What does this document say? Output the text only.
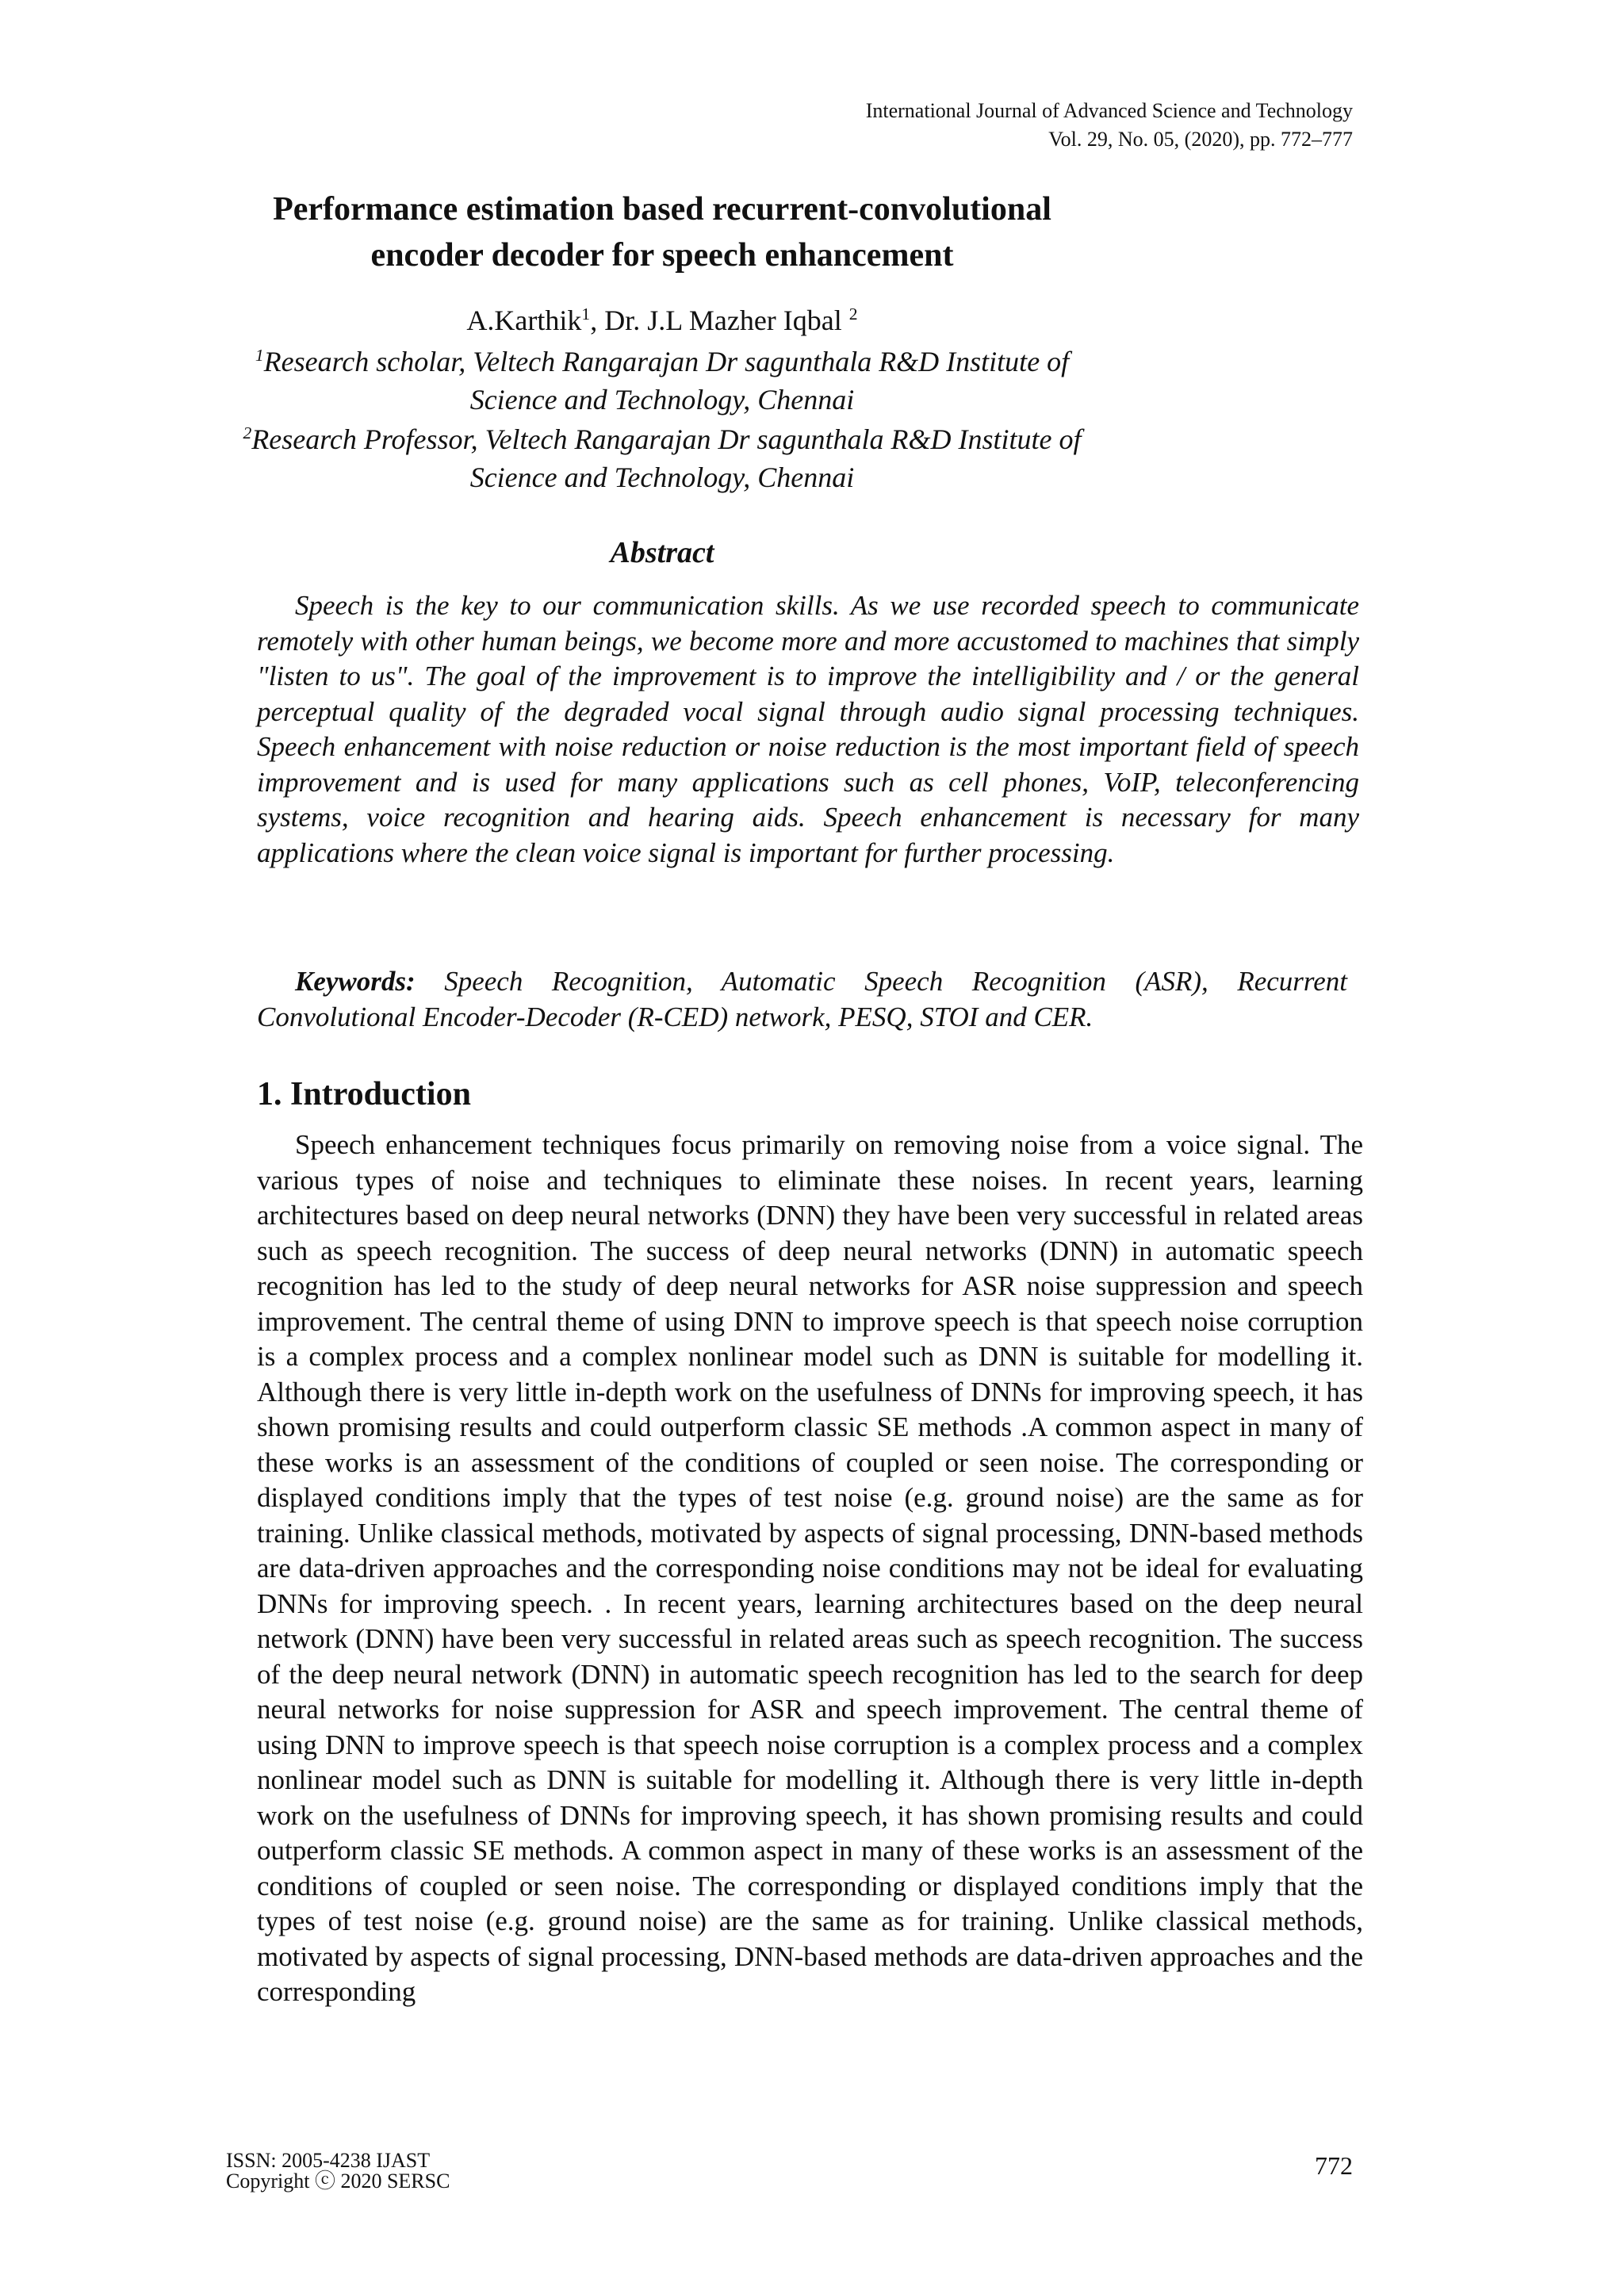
International Journal of Advanced Science and Technology
Vol. 29, No. 05, (2020), pp. 772–777
Performance estimation based recurrent-convolutional encoder decoder for speech enhancement
A.Karthik$^1$, Dr. J.L Mazher Iqbal $^2$
$^1$Research scholar, Veltech Rangarajan Dr sagunthala R&D Institute of Science and Technology, Chennai
$^2$Research Professor, Veltech Rangarajan Dr sagunthala R&D Institute of Science and Technology, Chennai
Abstract

Speech is the key to our communication skills. As we use recorded speech to communicate remotely with other human beings, we become more and more accustomed to machines that simply "listen to us". The goal of the improvement is to improve the intelligibility and / or the general perceptual quality of the degraded vocal signal through audio signal processing techniques. Speech enhancement with noise reduction or noise reduction is the most important field of speech improvement and is used for many applications such as cell phones, VoIP, teleconferencing systems, voice recognition and hearing aids. Speech enhancement is necessary for many applications where the clean voice signal is important for further processing.

Keywords: Speech Recognition, Automatic Speech Recognition (ASR), Recurrent Convolutional Encoder-Decoder (R-CED) network, PESQ, STOI and CER.

1. Introduction

Speech enhancement techniques focus primarily on removing noise from a voice signal. The various types of noise and techniques to eliminate these noises. In recent years, learning architectures based on deep neural networks (DNN) they have been very successful in related areas such as speech recognition. The success of deep neural networks (DNN) in automatic speech recognition has led to the study of deep neural networks for ASR noise suppression and speech improvement. The central theme of using DNN to improve speech is that speech noise corruption is a complex process and a complex nonlinear model such as DNN is suitable for modelling it. Although there is very little in-depth work on the usefulness of DNNs for improving speech, it has shown promising results and could outperform classic SE methods .A common aspect in many of these works is an assessment of the conditions of coupled or seen noise. The corresponding or displayed conditions imply that the types of test noise (e.g. ground noise) are the same as for training. Unlike classical methods, motivated by aspects of signal processing, DNN-based methods are data-driven approaches and the corresponding noise conditions may not be ideal for evaluating DNNs for improving speech. . In recent years, learning architectures based on the deep neural network (DNN) have been very successful in related areas such as speech recognition. The success of the deep neural network (DNN) in automatic speech recognition has led to the search for deep neural networks for noise suppression for ASR and speech improvement. The central theme of using DNN to improve speech is that speech noise corruption is a complex process and a complex nonlinear model such as DNN is suitable for modelling it. Although there is very little in-depth work on the usefulness of DNNs for improving speech, it has shown promising results and could outperform classic SE methods. A common aspect in many of these works is an assessment of the conditions of coupled or seen noise. The corresponding or displayed conditions imply that the types of test noise (e.g. ground noise) are the same as for training. Unlike classical methods, motivated by aspects of signal processing, DNN-based methods are data-driven approaches and the corresponding

ISSN: 2005-4238 IJAST
Copyright ⓒ 2020 SERSC
772
